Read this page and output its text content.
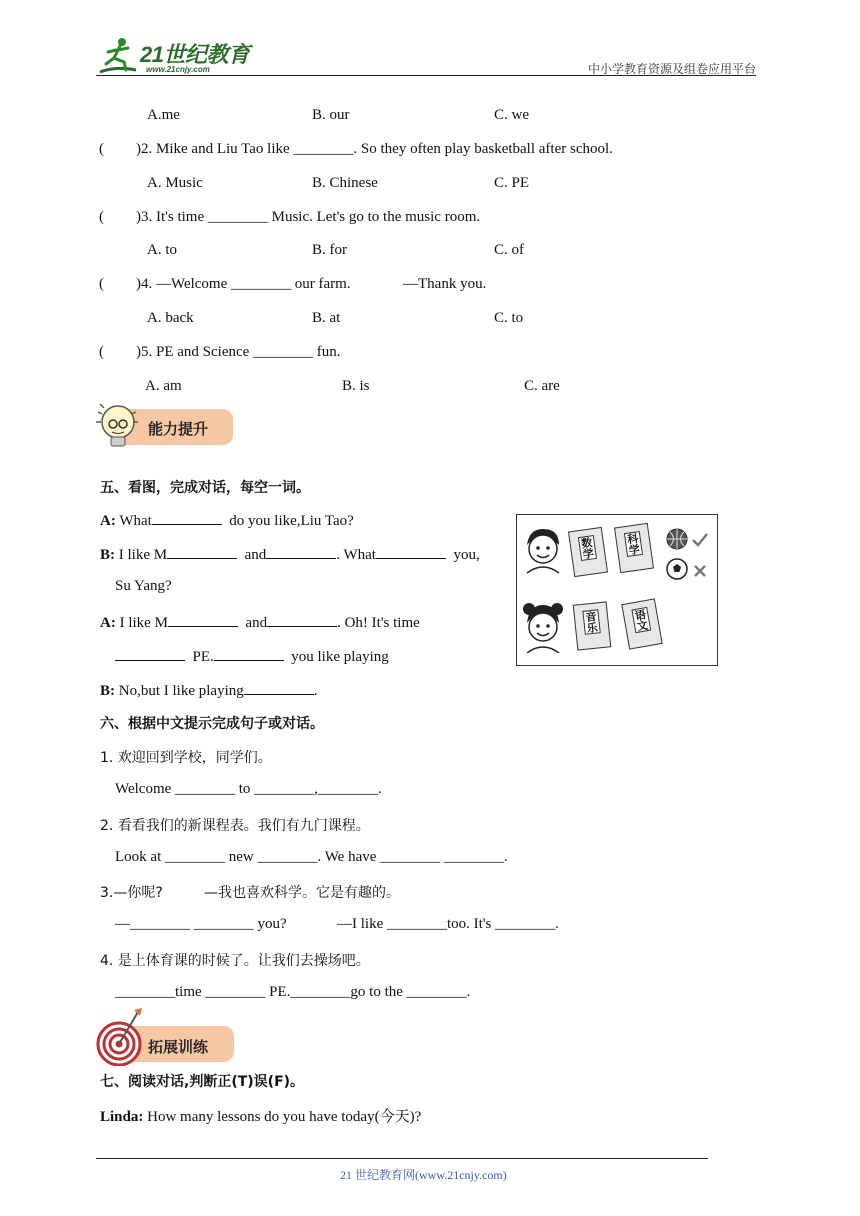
21世纪教育
www.21cnjy.com	中小学教育资源及组卷应用平台
A.me	B. our	C. we
( )2. Mike and Liu Tao like ________. So they often play basketball after school.
A. Music	B. Chinese	C. PE
( )3. It's time ________ Music. Let's go to the music room.
A. to	B. for	C. of
( )4. —Welcome ________ our farm.	—Thank you.
A. back	B. at	C. to
( )5. PE and Science ________ fun.
A. am	B. is	C. are
能力提升
五、看图，完成对话，每空一词。
A: What	do you like,Liu Tao?
B: I like M	and	. What	you,
Su Yang?
A: I like M	and	. Oh! It's time
PE.	you like playing
B: No,but I like playing	.
数学	科学
音乐	语文
六、根据中文提示完成句子或对话。
1. 欢迎回到学校，同学们。
Welcome ________ to ________,________.
2. 看看我们的新课程表。我们有九门课程。
Look at ________ new ________. We have ________ ________.
3.—你呢?	—我也喜欢科学。它是有趣的。
—________ ________ you?	—I like ________too. It's ________.
4. 是上体育课的时候了。让我们去操场吧。
________time ________ PE.________go to the ________.
拓展训练
七、阅读对话,判断正(T)误(F)。
Linda: How many lessons do you have today(今天)?
21 世纪教育网(www.21cnjy.com)
